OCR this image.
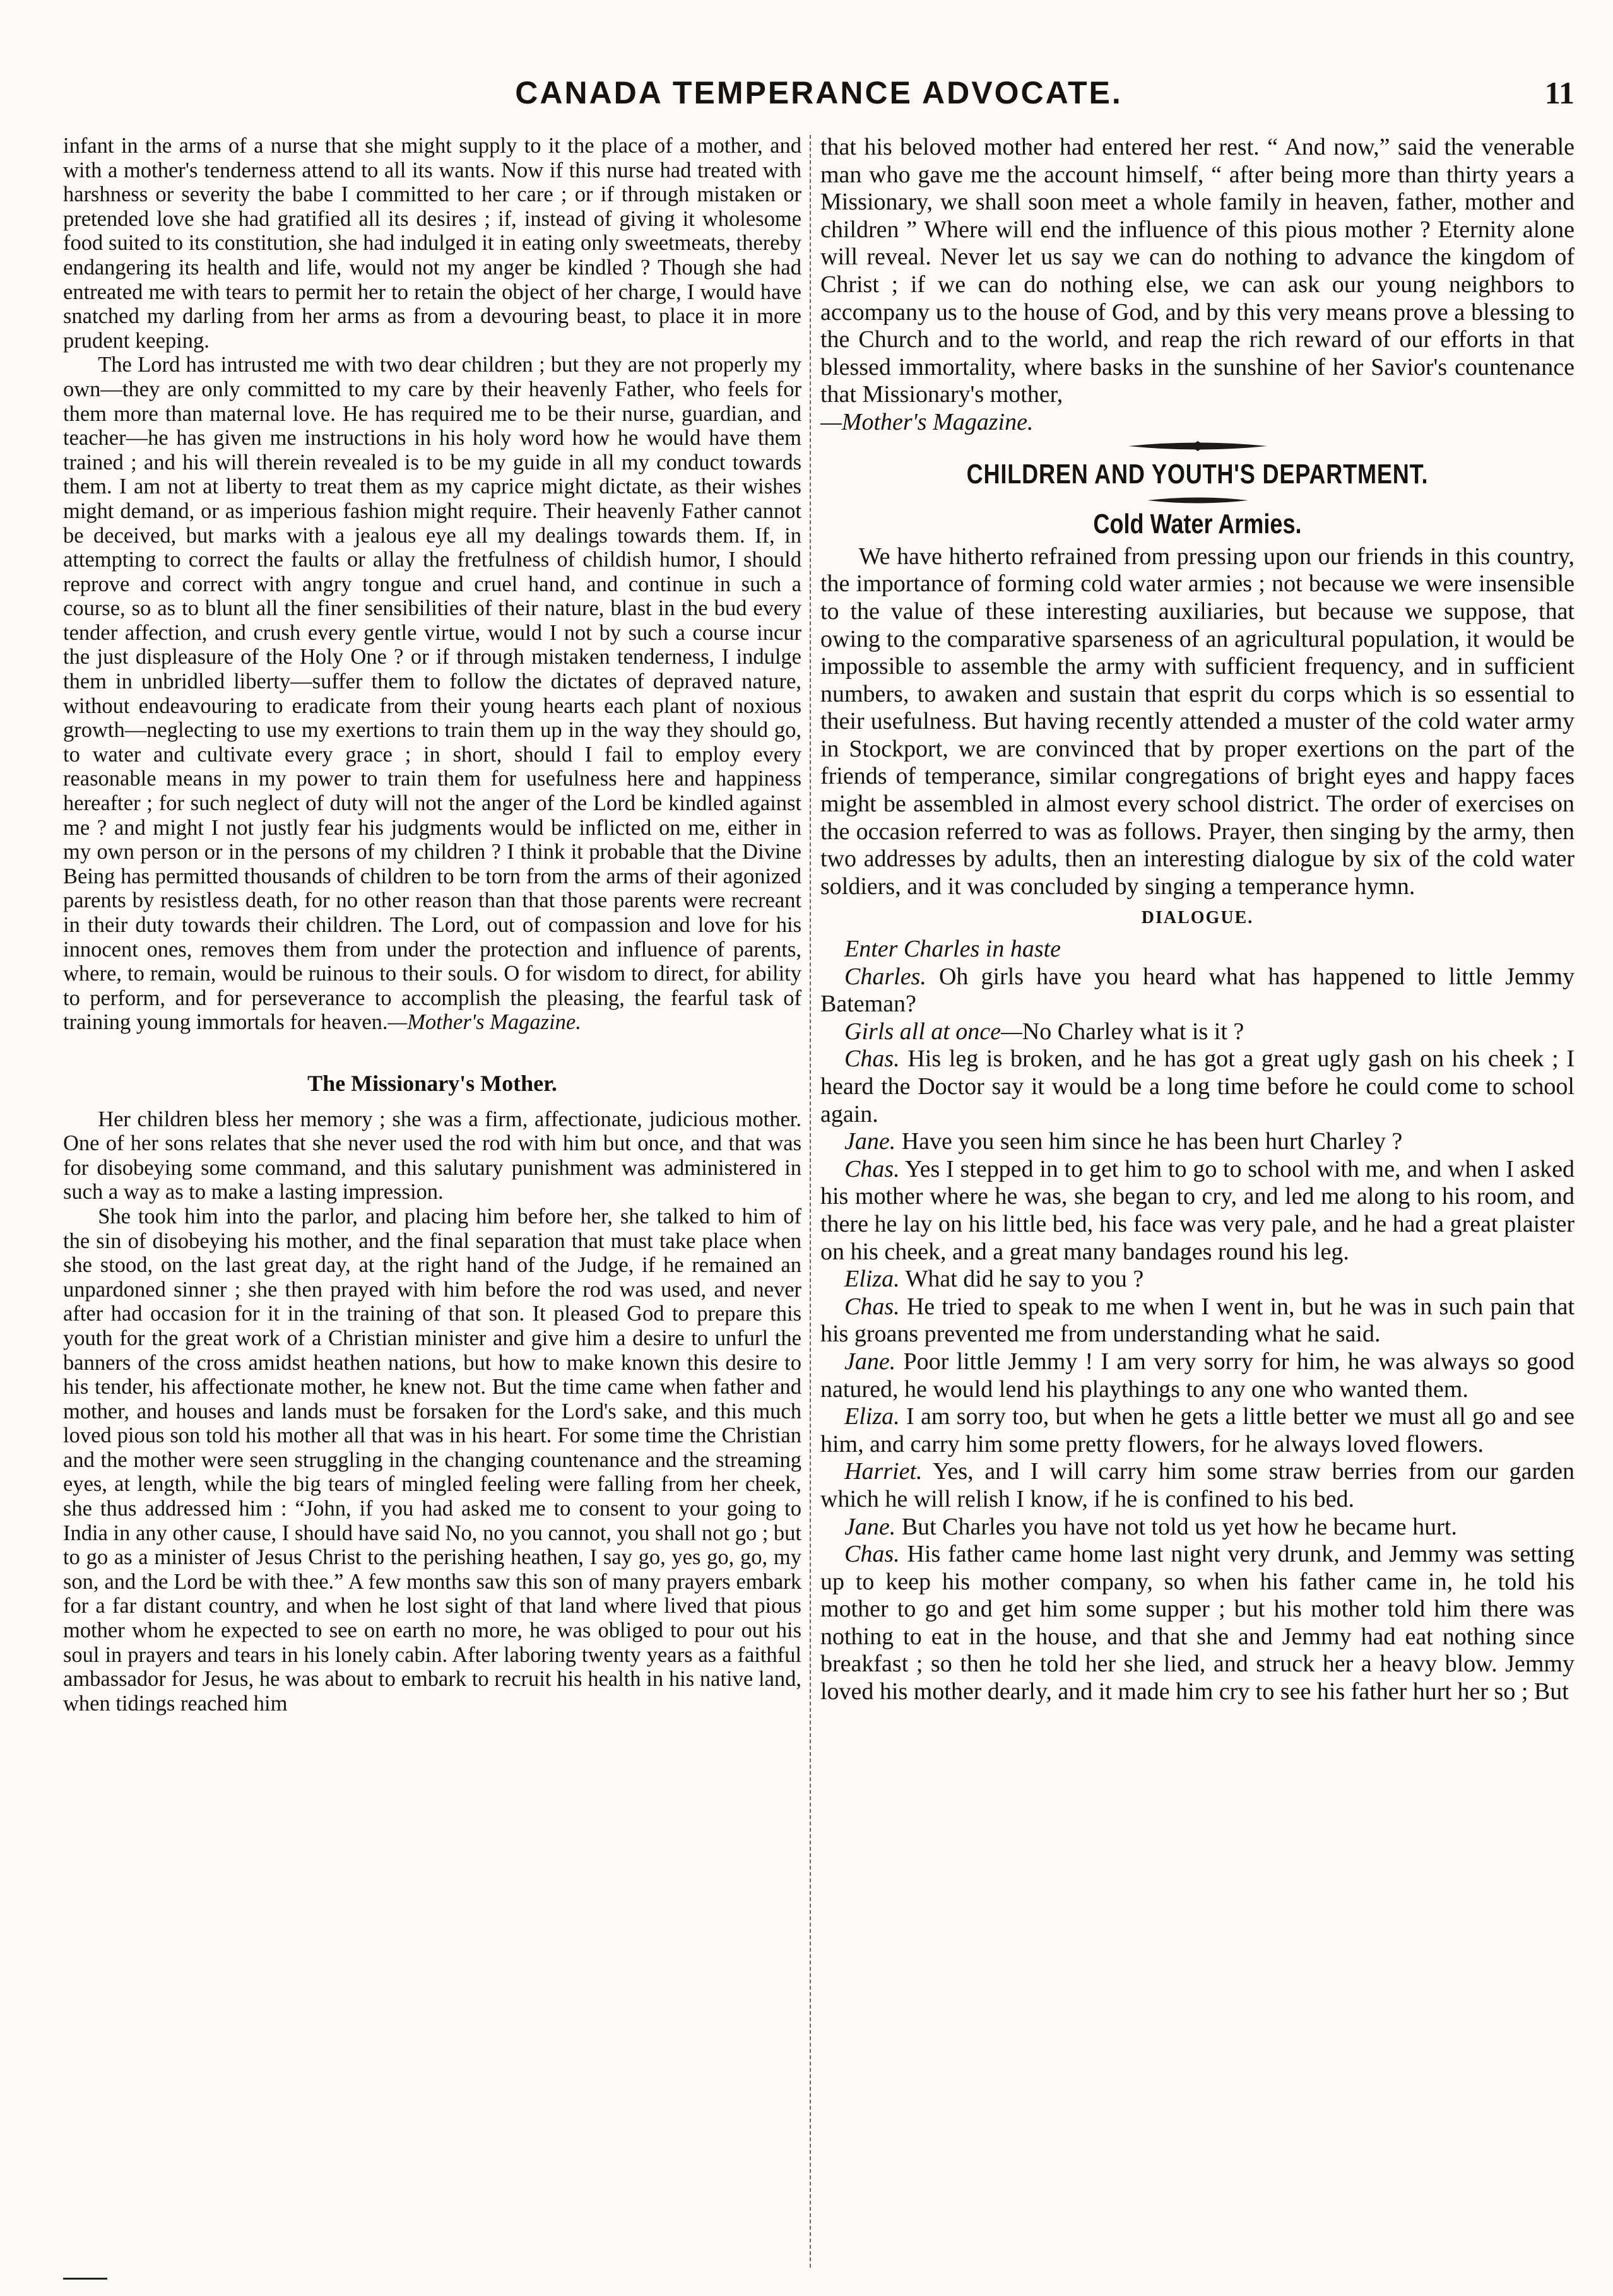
CANADA TEMPERANCE ADVOCATE.	11

infant in the arms of a nurse that she might supply to it the place of a mother, and with a mother's tenderness attend to all its wants. Now if this nurse had treated with harshness or severity the babe I committed to her care ; or if through mistaken or pretended love she had gratified all its desires ; if, instead of giving it wholesome food suited to its constitution, she had indulged it in eating only sweetmeats, thereby endangering its health and life, would not my anger be kindled ? Though she had entreated me with tears to permit her to retain the object of her charge, I would have snatched my darling from her arms as from a devouring beast, to place it in more prudent keeping.

The Lord has intrusted me with two dear children ; but they are not properly my own—they are only committed to my care by their heavenly Father, who feels for them more than maternal love. He has required me to be their nurse, guardian, and teacher—he has given me instructions in his holy word how he would have them trained ; and his will therein revealed is to be my guide in all my conduct towards them. I am not at liberty to treat them as my caprice might dictate, as their wishes might demand, or as imperious fashion might require. Their heavenly Father cannot be deceived, but marks with a jealous eye all my dealings towards them. If, in attempting to correct the faults or allay the fretfulness of childish humor, I should reprove and correct with angry tongue and cruel hand, and continue in such a course, so as to blunt all the finer sensibilities of their nature, blast in the bud every tender affection, and crush every gentle virtue, would I not by such a course incur the just displeasure of the Holy One ? or if through mistaken tenderness, I indulge them in unbridled liberty—suffer them to follow the dictates of depraved nature, without endeavouring to eradicate from their young hearts each plant of noxious growth—neglecting to use my exertions to train them up in the way they should go, to water and cultivate every grace ; in short, should I fail to employ every reasonable means in my power to train them for usefulness here and happiness hereafter ; for such neglect of duty will not the anger of the Lord be kindled against me ? and might I not justly fear his judgments would be inflicted on me, either in my own person or in the persons of my children ? I think it probable that the Divine Being has permitted thousands of children to be torn from the arms of their agonized parents by resistless death, for no other reason than that those parents were recreant in their duty towards their children. The Lord, out of compassion and love for his innocent ones, removes them from under the protection and influence of parents, where, to remain, would be ruinous to their souls. O for wisdom to direct, for ability to perform, and for perseverance to accomplish the pleasing, the fearful task of training young immortals for heaven.—Mother's Magazine.

The Missionary's Mother.

Her children bless her memory ; she was a firm, affectionate, judicious mother. One of her sons relates that she never used the rod with him but once, and that was for disobeying some command, and this salutary punishment was administered in such a way as to make a lasting impression.

She took him into the parlor, and placing him before her, she talked to him of the sin of disobeying his mother, and the final separation that must take place when she stood, on the last great day, at the right hand of the Judge, if he remained an unpardoned sinner ; she then prayed with him before the rod was used, and never after had occasion for it in the training of that son. It pleased God to prepare this youth for the great work of a Christian minister and give him a desire to unfurl the banners of the cross amidst heathen nations, but how to make known this desire to his tender, his affectionate mother, he knew not. But the time came when father and mother, and houses and lands must be forsaken for the Lord's sake, and this much loved pious son told his mother all that was in his heart. For some time the Christian and the mother were seen struggling in the changing countenance and the streaming eyes, at length, while the big tears of mingled feeling were falling from her cheek, she thus addressed him : “John, if you had asked me to consent to your going to India in any other cause, I should have said No, no you cannot, you shall not go ; but to go as a minister of Jesus Christ to the perishing heathen, I say go, yes go, go, my son, and the Lord be with thee.” A few months saw this son of many prayers embark for a far distant country, and when he lost sight of that land where lived that pious mother whom he expected to see on earth no more, he was obliged to pour out his soul in prayers and tears in his lonely cabin. After laboring twenty years as a faithful ambassador for Jesus, he was about to embark to recruit his health in his native land, when tidings reached him

that his beloved mother had entered her rest. “ And now,” said the venerable man who gave me the account himself, “ after being more than thirty years a Missionary, we shall soon meet a whole family in heaven, father, mother and children ” Where will end the influence of this pious mother ? Eternity alone will reveal. Never let us say we can do nothing to advance the kingdom of Christ ; if we can do nothing else, we can ask our young neighbors to accompany us to the house of God, and by this very means prove a blessing to the Church and to the world, and reap the rich reward of our efforts in that blessed immortality, where basks in the sunshine of her Savior's countenance that Missionary's mother,
—Mother's Magazine.

CHILDREN AND YOUTH'S DEPARTMENT.
Cold Water Armies.

We have hitherto refrained from pressing upon our friends in this country, the importance of forming cold water armies ; not because we were insensible to the value of these interesting auxiliaries, but because we suppose, that owing to the comparative sparseness of an agricultural population, it would be impossible to assemble the army with sufficient frequency, and in sufficient numbers, to awaken and sustain that esprit du corps which is so essential to their usefulness. But having recently attended a muster of the cold water army in Stockport, we are convinced that by proper exertions on the part of the friends of temperance, similar congregations of bright eyes and happy faces might be assembled in almost every school district. The order of exercises on the occasion referred to was as follows. Prayer, then singing by the army, then two addresses by adults, then an interesting dialogue by six of the cold water soldiers, and it was concluded by singing a temperance hymn.

DIALOGUE.

Enter Charles in haste

Charles. Oh girls have you heard what has happened to little Jemmy Bateman?

Girls all at once—No Charley what is it ?

Chas. His leg is broken, and he has got a great ugly gash on his cheek ; I heard the Doctor say it would be a long time before he could come to school again.

Jane. Have you seen him since he has been hurt Charley ?

Chas. Yes I stepped in to get him to go to school with me, and when I asked his mother where he was, she began to cry, and led me along to his room, and there he lay on his little bed, his face was very pale, and he had a great plaister on his cheek, and a great many bandages round his leg.

Eliza. What did he say to you ?

Chas. He tried to speak to me when I went in, but he was in such pain that his groans prevented me from understanding what he said.

Jane. Poor little Jemmy ! I am very sorry for him, he was always so good natured, he would lend his playthings to any one who wanted them.

Eliza. I am sorry too, but when he gets a little better we must all go and see him, and carry him some pretty flowers, for he always loved flowers.

Harriet. Yes, and I will carry him some straw berries from our garden which he will relish I know, if he is confined to his bed.

Jane. But Charles you have not told us yet how he became hurt.

Chas. His father came home last night very drunk, and Jemmy was setting up to keep his mother company, so when his father came in, he told his mother to go and get him some supper ; but his mother told him there was nothing to eat in the house, and that she and Jemmy had eat nothing since breakfast ; so then he told her she lied, and struck her a heavy blow. Jemmy loved his mother dearly, and it made him cry to see his father hurt her so ; But
